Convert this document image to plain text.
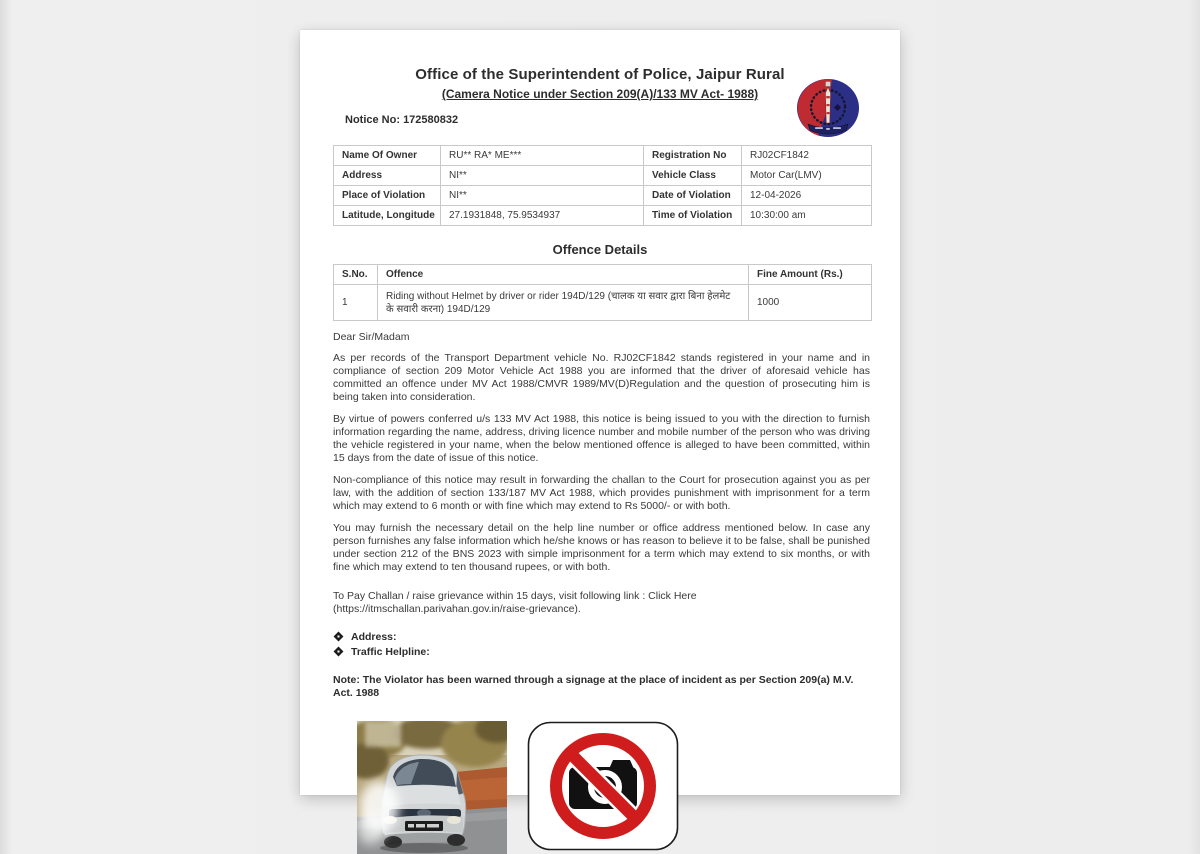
Office of the Superintendent of Police, Jaipur Rural
(Camera Notice under Section 209(A)/133 MV Act- 1988)
Notice No: 172580832
Name Of Owner	RU** RA* ME***	Registration No	RJ02CF1842
Address	NI**	Vehicle Class	Motor Car(LMV)
Place of Violation	NI**	Date of Violation	12-04-2026
Latitude, Longitude	27.1931848, 75.9534937	Time of Violation	10:30:00 am
Offence Details
S.No.	Offence	Fine Amount (Rs.)
1	Riding without Helmet by driver or rider 194D/129 (चालक या सवार द्वारा बिना हेलमेट के सवारी करना) 194D/129	1000
Dear Sir/Madam

As per records of the Transport Department vehicle No. RJ02CF1842 stands registered in your name and in compliance of section 209 Motor Vehicle Act 1988 you are informed that the driver of aforesaid vehicle has committed an offence under MV Act 1988/CMVR 1989/MV(D)Regulation and the question of prosecuting him is being taken into consideration.

By virtue of powers conferred u/s 133 MV Act 1988, this notice is being issued to you with the direction to furnish information regarding the name, address, driving licence number and mobile number of the person who was driving the vehicle registered in your name, when the below mentioned offence is alleged to have been committed, within 15 days from the date of issue of this notice.

Non-compliance of this notice may result in forwarding the challan to the Court for prosecution against you as per law, with the addition of section 133/187 MV Act 1988, which provides punishment with imprisonment for a term which may extend to 6 month or with fine which may extend to Rs 5000/- or with both.

You may furnish the necessary detail on the help line number or office address mentioned below. In case any person furnishes any false information which he/she knows or has reason to believe it to be false, shall be punished under section 212 of the BNS 2023 with simple imprisonment for a term which may extend to six months, or with fine which may extend to ten thousand rupees, or with both.

To Pay Challan / raise grievance within 15 days, visit following link : Click Here (https://itmschallan.parivahan.gov.in/raise-grievance).

Address:
Traffic Helpline:
Note: The Violator has been warned through a signage at the place of incident as per Section 209(a) M.V. Act. 1988
